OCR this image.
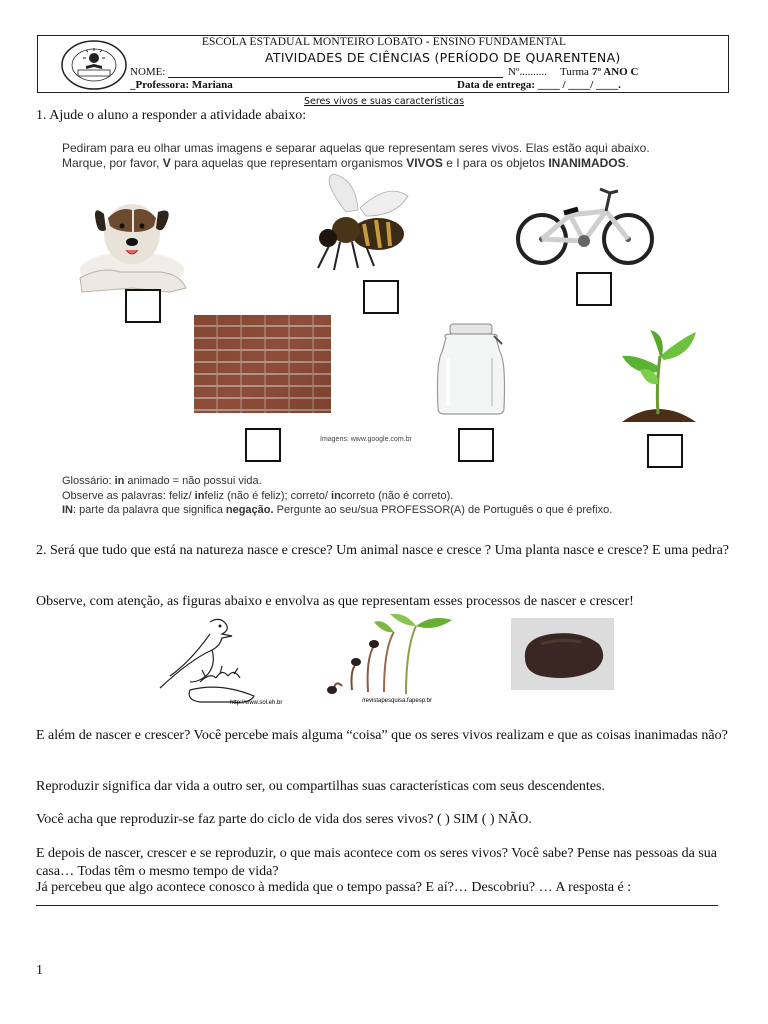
ESCOLA ESTADUAL MONTEIRO LOBATO - ENSINO FUNDAMENTAL
ATIVIDADES DE CIÊNCIAS (PERÍODO DE QUARENTENA)
NOME:	Nº.......... Turma 7º ANO C
_Professora: Mariana	Data de entrega: ____ / ____/ ____.
Seres vivos e suas características
1. Ajude o aluno a responder a atividade abaixo:
Pediram para eu olhar umas imagens e separar aquelas que representam seres vivos. Elas estão aqui abaixo.
Marque, por favor, V para aquelas que representam organismos VIVOS e I para os objetos INANIMADOS.
Imagens: www.google.com.br
Glossário: in animado = não possui vida.
Observe as palavras: feliz/ infeliz (não é feliz); correto/ incorreto (não é correto).
IN: parte da palavra que significa negação. Pergunte ao seu/sua PROFESSOR(A) de Português o que é prefixo.
2. Será que tudo que está na natureza nasce e cresce? Um animal nasce e cresce ? Uma planta nasce e cresce? E uma pedra?
Observe, com atenção, as figuras abaixo e envolva as que representam esses processos de nascer e crescer!
http://www.sol.eh.br	/revistapesquisa.fapesp.br
E além de nascer e crescer? Você percebe mais alguma “coisa” que os seres vivos realizam e que as coisas inanimadas não?
Reproduzir significa dar vida a outro ser, ou compartilhas suas características com seus descendentes.
Você acha que reproduzir-se faz parte do ciclo de vida dos seres vivos? ( ) SIM ( ) NÃO.
E depois de nascer, crescer e se reproduzir, o que mais acontece com os seres vivos? Você sabe? Pense nas pessoas da sua casa… Todas têm o mesmo tempo de vida?
Já percebeu que algo acontece conosco à medida que o tempo passa? E aí?… Descobriu? … A resposta é :
1
